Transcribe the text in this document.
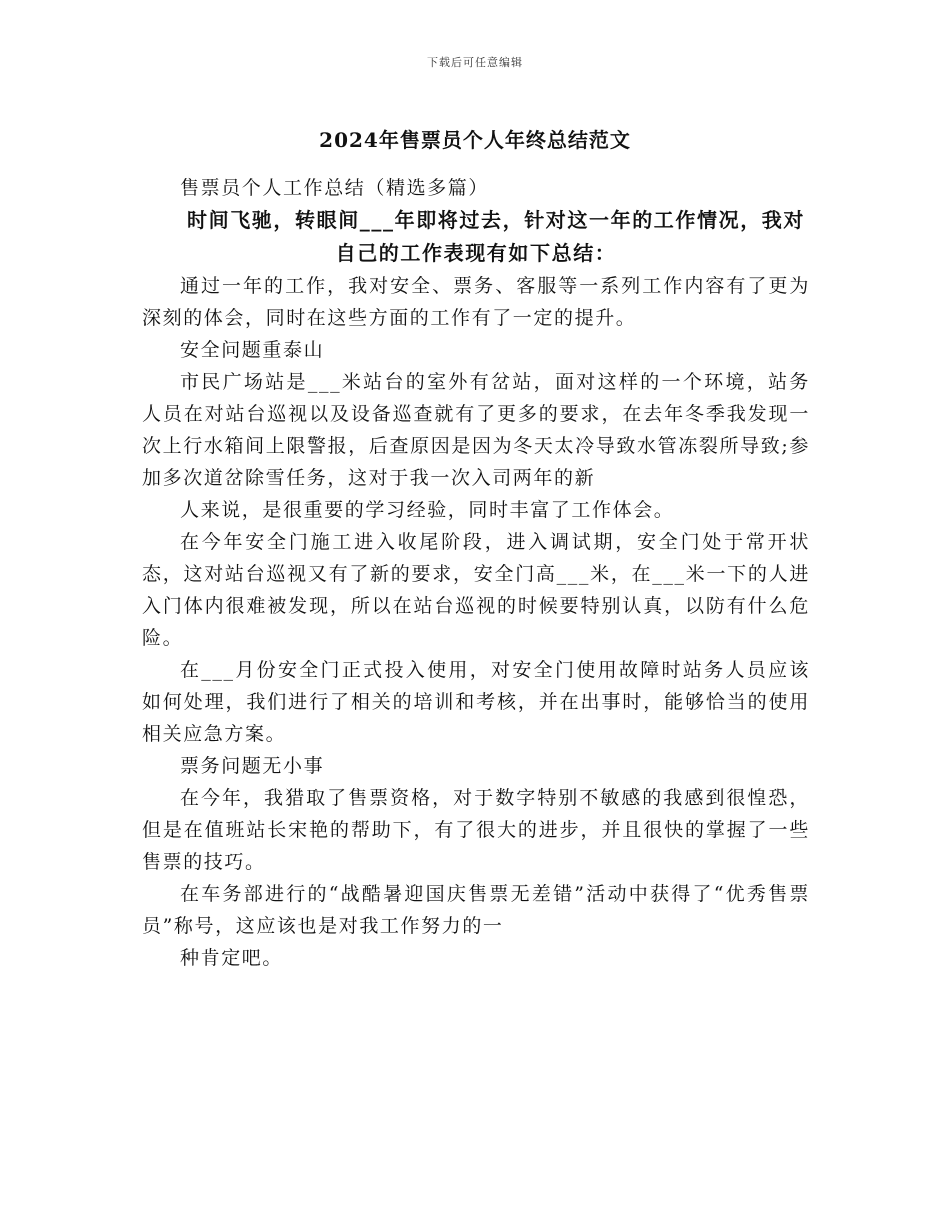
下载后可任意编辑
2024年售票员个人年终总结范文

售票员个人工作总结（精选多篇）

时间飞驰，转眼间___年即将过去，针对这一年的工作情况，我对自己的工作表现有如下总结：

通过一年的工作，我对安全、票务、客服等一系列工作内容有了更为深刻的体会，同时在这些方面的工作有了一定的提升。

安全问题重泰山

市民广场站是___米站台的室外有岔站，面对这样的一个环境，站务人员在对站台巡视以及设备巡查就有了更多的要求，在去年冬季我发现一次上行水箱间上限警报，后查原因是因为冬天太冷导致水管冻裂所导致;参加多次道岔除雪任务，这对于我一次入司两年的新

人来说，是很重要的学习经验，同时丰富了工作体会。

在今年安全门施工进入收尾阶段，进入调试期，安全门处于常开状态，这对站台巡视又有了新的要求，安全门高___米，在___米一下的人进入门体内很难被发现，所以在站台巡视的时候要特别认真，以防有什么危险。

在___月份安全门正式投入使用，对安全门使用故障时站务人员应该如何处理，我们进行了相关的培训和考核，并在出事时，能够恰当的使用相关应急方案。

票务问题无小事

在今年，我猎取了售票资格，对于数字特别不敏感的我感到很惶恐，但是在值班站长宋艳的帮助下，有了很大的进步，并且很快的掌握了一些售票的技巧。

在车务部进行的“战酷暑迎国庆售票无差错”活动中获得了“优秀售票员”称号，这应该也是对我工作努力的一

种肯定吧。
